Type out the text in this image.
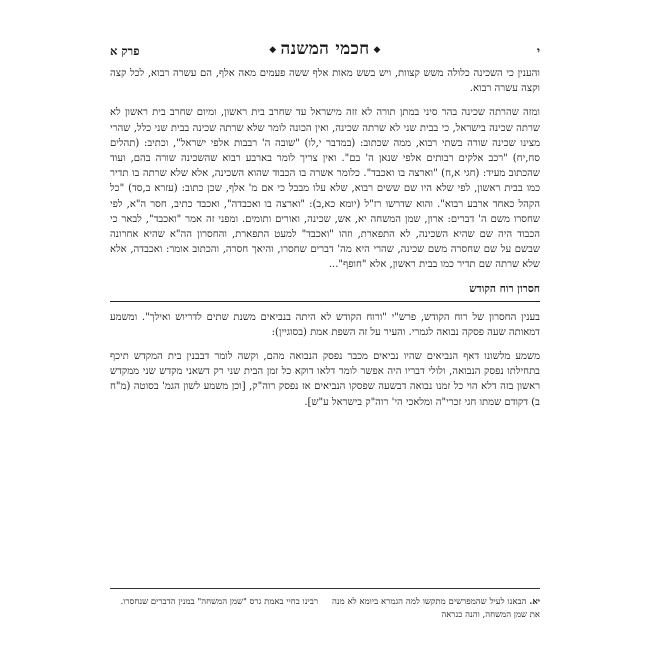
י
◆חכמי המשנה◆
פרק א

והענין כי השכינה כלולה משש קצוות, ויש בשש מאות אלף ששה פעמים מאה אלף, הם עשרה רבוא, לכל קצה וקצה עשרה רבוא.

ומזה שהרתה שכינה בהר סיני במתן תורה לא זזה מישראל עד שחרב בית ראשון, ומיום שחרב בית ראשון לא שרתה שכינה בישראל, כי בבית שני לא שרתה שכינה, ואין הכונה לומר שלא שרתה שכינה בבית שני כלל, שהרי מצינו שכינה שורה בשתי רבוא, ממה שכתוב: (במדבר י,לו) "שובה ה' רבבות אלפי ישראל", וכתיב: (תהלים סח,יח) "רכב אלקים רבותים אלפי שנאן ה' בם". ואין צריך לומר בארבע רבוא שהשכינה שורה בהם, ועוד שהכתוב מעיד: (חגי א,ח) "וארצה בו ואכבד". כלומר אשרה בו הכבוד שהוא השכינה, אלא שלא שרתה בו תדיר כמו בבית ראשון, לפי שלא היו שם ששים רבוא, שלא עלו מבבל כי אם מ' אלף, שכן כתוב: (עזרא ב,סד) "כל הקהל כאחד ארבע רבוא". והוא שדרשו רז"ל (יומא כא,ב): "וארצה בו ואכבדה", ואכבד כתיב, חסר ה"א, לפי שחסרו משם ה' דברים: ארון, שמן המשחה יא, אש, שכינה, ואורים ותומים. ומפני זה אמר "ואכבד", לבאר כי הכבוד היה שם שהיא השכינה, לא התפארת, וזהו "ואכבד" למעט התפארת, והחסרון הה"א שהיא אחרונה שבשם על שם שחסרה משם שכינה, שהרי היא מה' דברים שחסרו, והיאך חסרה, והכתוב אומר: ואכבדה, אלא שלא שרתה שם תדיר כמו בבית ראשון, אלא "חופף"...

חסרון רוח הקודש

בענין החסרון של רוח הקודש, פרש"י "ורוח הקודש לא היתה בנביאים משנת שתים לדריוש ואילך". ומשמע דמאותה שעה פסקה נבואה לגמרי. והעיר על זה השפת אמת (בסוגיין):

משמע מלשונו דאף הנביאים שהיו נביאים מכבר נפסק הנבואה מהם, וקשה לומר דבבנין בית המקדש תיכף בתחילתו נפסק הנבואה, ולולי דבריו היה אפשר לומר דלאו דוקא כל זמן הבית שני רק דשאני מקדש שני ממקדש ראשון בזה דלא הוי כל זמנו נבואה דבשעה שפסקו הנביאים אז נפסק רוה"ק, [וכן משמע לשון הגמ' בסוטה (מ"ח ב) דקודם שמתו חגי זכרי"ה ומלאכי הי' רוה"ק בישראל ע"ש].

יא. הבאנו לעיל שהמפרשים מתקשו למה הגמרא ביומא לא מנה את שמן המשחה, והנה כנראה
רבינו בחיי באמת גרס "שמן המשחה" במנין הדברים שנחסרו.
